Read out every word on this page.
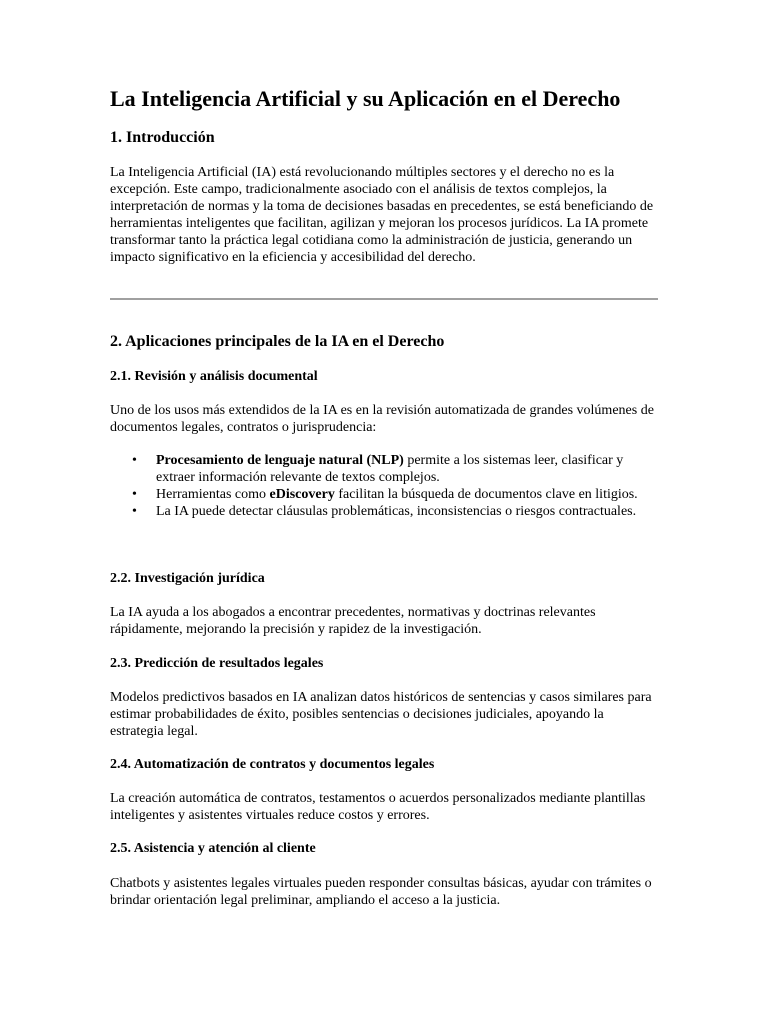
La Inteligencia Artificial y su Aplicación en el Derecho
1. Introducción

La Inteligencia Artificial (IA) está revolucionando múltiples sectores y el derecho no es la excepción. Este campo, tradicionalmente asociado con el análisis de textos complejos, la interpretación de normas y la toma de decisiones basadas en precedentes, se está beneficiando de herramientas inteligentes que facilitan, agilizan y mejoran los procesos jurídicos. La IA promete transformar tanto la práctica legal cotidiana como la administración de justicia, generando un impacto significativo en la eficiencia y accesibilidad del derecho.

2. Aplicaciones principales de la IA en el Derecho
2.1. Revisión y análisis documental

Uno de los usos más extendidos de la IA es en la revisión automatizada de grandes volúmenes de documentos legales, contratos o jurisprudencia:

• Procesamiento de lenguaje natural (NLP) permite a los sistemas leer, clasificar y extraer información relevante de textos complejos.
• Herramientas como eDiscovery facilitan la búsqueda de documentos clave en litigios.
• La IA puede detectar cláusulas problemáticas, inconsistencias o riesgos contractuales.
2.2. Investigación jurídica

La IA ayuda a los abogados a encontrar precedentes, normativas y doctrinas relevantes rápidamente, mejorando la precisión y rapidez de la investigación.

2.3. Predicción de resultados legales

Modelos predictivos basados en IA analizan datos históricos de sentencias y casos similares para estimar probabilidades de éxito, posibles sentencias o decisiones judiciales, apoyando la estrategia legal.

2.4. Automatización de contratos y documentos legales

La creación automática de contratos, testamentos o acuerdos personalizados mediante plantillas inteligentes y asistentes virtuales reduce costos y errores.

2.5. Asistencia y atención al cliente

Chatbots y asistentes legales virtuales pueden responder consultas básicas, ayudar con trámites o brindar orientación legal preliminar, ampliando el acceso a la justicia.
